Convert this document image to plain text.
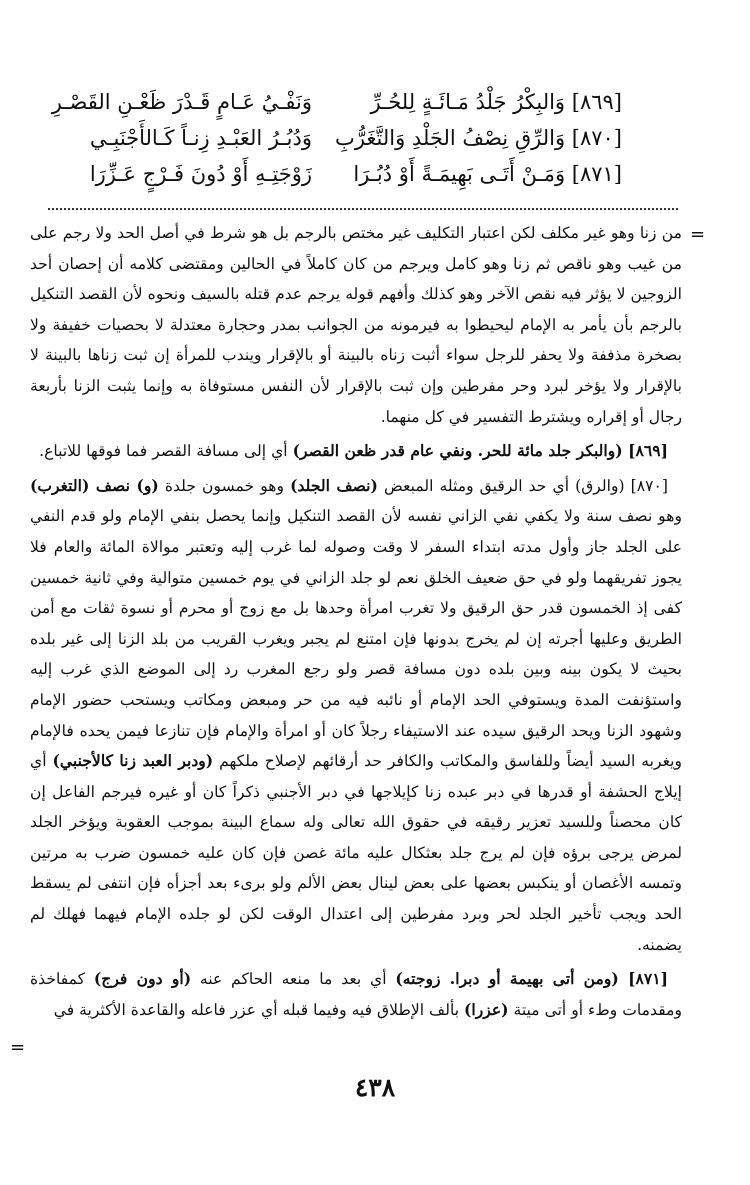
[٨٦٩] وَالبِكْرُ جَلْدُ مَـائَـةٍ لِلحُـرِّ
وَنَفْـيُ عَـامٍ قَـدْرَ ظَعْـنِ القَصْـرِ
[٨٧٠] وَالرِّقِ نِصْفُ الجَلْدِ وَالتَّغَرُّبِ
وَدُبُـرُ العَبْـدِ زِنـاً كَـالأَجْنَبِـي
[٨٧١] وَمَـنْ أَتَـى بَهِيمَـةً أَوْ دُبُـرَا
زَوْجَتِـهِ أَوْ دُونَ فَـرْجٍ عَـزِّرَا
=

من زنا وهو غير مكلف لكن اعتبار التكليف غير مختص بالرجم بل هو شرط في أصل الحد ولا رجم على من غيب وهو ناقص ثم زنا وهو كامل ويرجم من كان كاملاً في الحالين ومقتضى كلامه أن إحصان أحد الزوجين لا يؤثر فيه نقص الآخر وهو كذلك وأفهم قوله يرجم عدم قتله بالسيف ونحوه لأن القصد التنكيل بالرجم بأن يأمر به الإمام ليحيطوا به فيرمونه من الجوانب بمدر وحجارة معتدلة لا بحصيات خفيفة ولا بصخرة مذففة ولا يحفر للرجل سواء أثبت زناه بالبينة أو بالإقرار ويندب للمرأة إن ثبت زناها بالبينة لا بالإقرار ولا يؤخر لبرد وحر مفرطين وإن ثبت بالإقرار لأن النفس مستوفاة به وإنما يثبت الزنا بأربعة رجال أو إقراره ويشترط التفسير في كل منهما.

[٨٦٩] (والبكر جلد مائة للحر. ونفي عام قدر ظعن القصر) أي إلى مسافة القصر فما فوقها للاتباع.

[٨٧٠] (والرق) أي حد الرقيق ومثله المبعض (نصف الجلد) وهو خمسون جلدة (و) نصف (التغرب) وهو نصف سنة ولا يكفي نفي الزاني نفسه لأن القصد التنكيل وإنما يحصل بنفي الإمام ولو قدم النفي على الجلد جاز وأول مدته ابتداء السفر لا وقت وصوله لما غرب إليه وتعتبر موالاة المائة والعام فلا يجوز تفريقهما ولو في حق ضعيف الخلق نعم لو جلد الزاني في يوم خمسين متوالية وفي ثانية خمسين كفى إذ الخمسون قدر حق الرقيق ولا تغرب امرأة وحدها بل مع زوج أو محرم أو نسوة ثقات مع أمن الطريق وعليها أجرته إن لم يخرج بدونها فإن امتنع لم يجبر ويغرب القريب من بلد الزنا إلى غير بلده بحيث لا يكون بينه وبين بلده دون مسافة قصر ولو رجع المغرب رد إلى الموضع الذي غرب إليه واستؤنفت المدة ويستوفي الحد الإمام أو نائبه فيه من حر ومبعض ومكاتب ويستحب حضور الإمام وشهود الزنا ويحد الرقيق سيده عند الاستيفاء رجلاً كان أو امرأة والإمام فإن تنازعا فيمن يحده فالإمام ويغربه السيد أيضاً وللفاسق والمكاتب والكافر حد أرقائهم لإصلاح ملكهم (ودبر العبد زنا كالأجنبي) أي إيلاج الحشفة أو قدرها في دبر عبده زنا كإيلاجها في دبر الأجنبي ذكراً كان أو غيره فيرجم الفاعل إن كان محصناً وللسيد تعزير رقيقه في حقوق الله تعالى وله سماع البينة بموجب العقوبة ويؤخر الجلد لمرض يرجى برؤه فإن لم يرج جلد بعثكال عليه مائة غصن فإن كان عليه خمسون ضرب به مرتين وتمسه الأغصان أو ينكبس بعضها على بعض لينال بعض الألم ولو برىء بعد أجزأه فإن انتفى لم يسقط الحد ويجب تأخير الجلد لحر وبرد مفرطين إلى اعتدال الوقت لكن لو جلده الإمام فيهما فهلك لم يضمنه.

[٨٧١] (ومن أتى بهيمة أو دبرا. زوجته) أي بعد ما منعه الحاكم عنه (أو دون فرج) كمفاخذة ومقدمات وطء أو أتى ميتة (عزرا) بألف الإطلاق فيه وفيما قبله أي عزر فاعله والقاعدة الأكثرية في

=
٤٣٨
